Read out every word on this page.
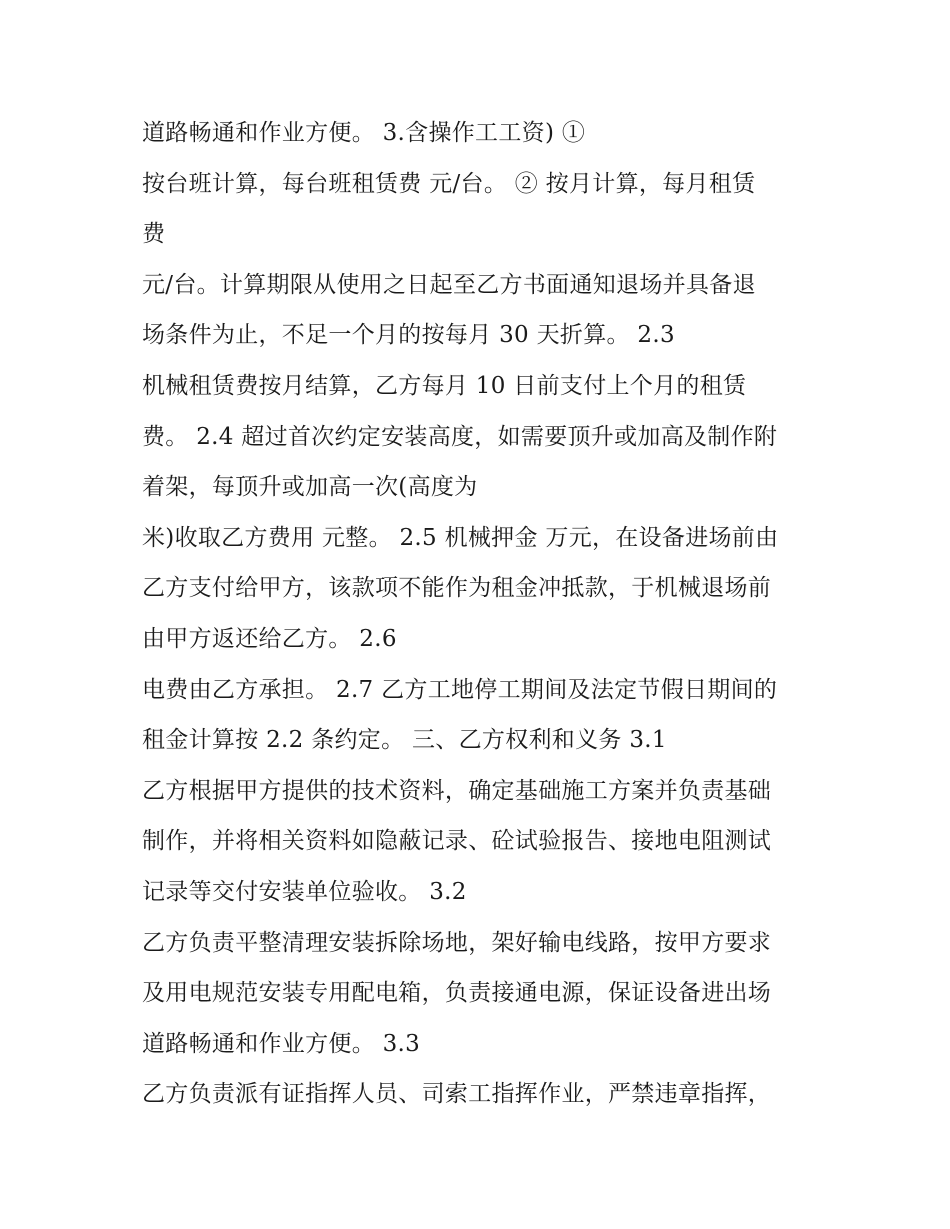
道路畅通和作业方便。 3.含操作工工资) ①
按台班计算，每台班租赁费 元/台。 ② 按月计算，每月租赁
费
元/台。计算期限从使用之日起至乙方书面通知退场并具备退
场条件为止，不足一个月的按每月 30 天折算。 2.3
机械租赁费按月结算，乙方每月 10 日前支付上个月的租赁
费。 2.4 超过首次约定安装高度，如需要顶升或加高及制作附
着架，每顶升或加高一次(高度为
米)收取乙方费用 元整。 2.5 机械押金 万元，在设备进场前由
乙方支付给甲方，该款项不能作为租金冲抵款，于机械退场前
由甲方返还给乙方。 2.6
电费由乙方承担。 2.7 乙方工地停工期间及法定节假日期间的
租金计算按 2.2 条约定。 三、乙方权利和义务 3.1
乙方根据甲方提供的技术资料，确定基础施工方案并负责基础
制作，并将相关资料如隐蔽记录、砼试验报告、接地电阻测试
记录等交付安装单位验收。 3.2
乙方负责平整清理安装拆除场地，架好输电线路，按甲方要求
及用电规范安装专用配电箱，负责接通电源，保证设备进出场
道路畅通和作业方便。 3.3
乙方负责派有证指挥人员、司索工指挥作业，严禁违章指挥，
